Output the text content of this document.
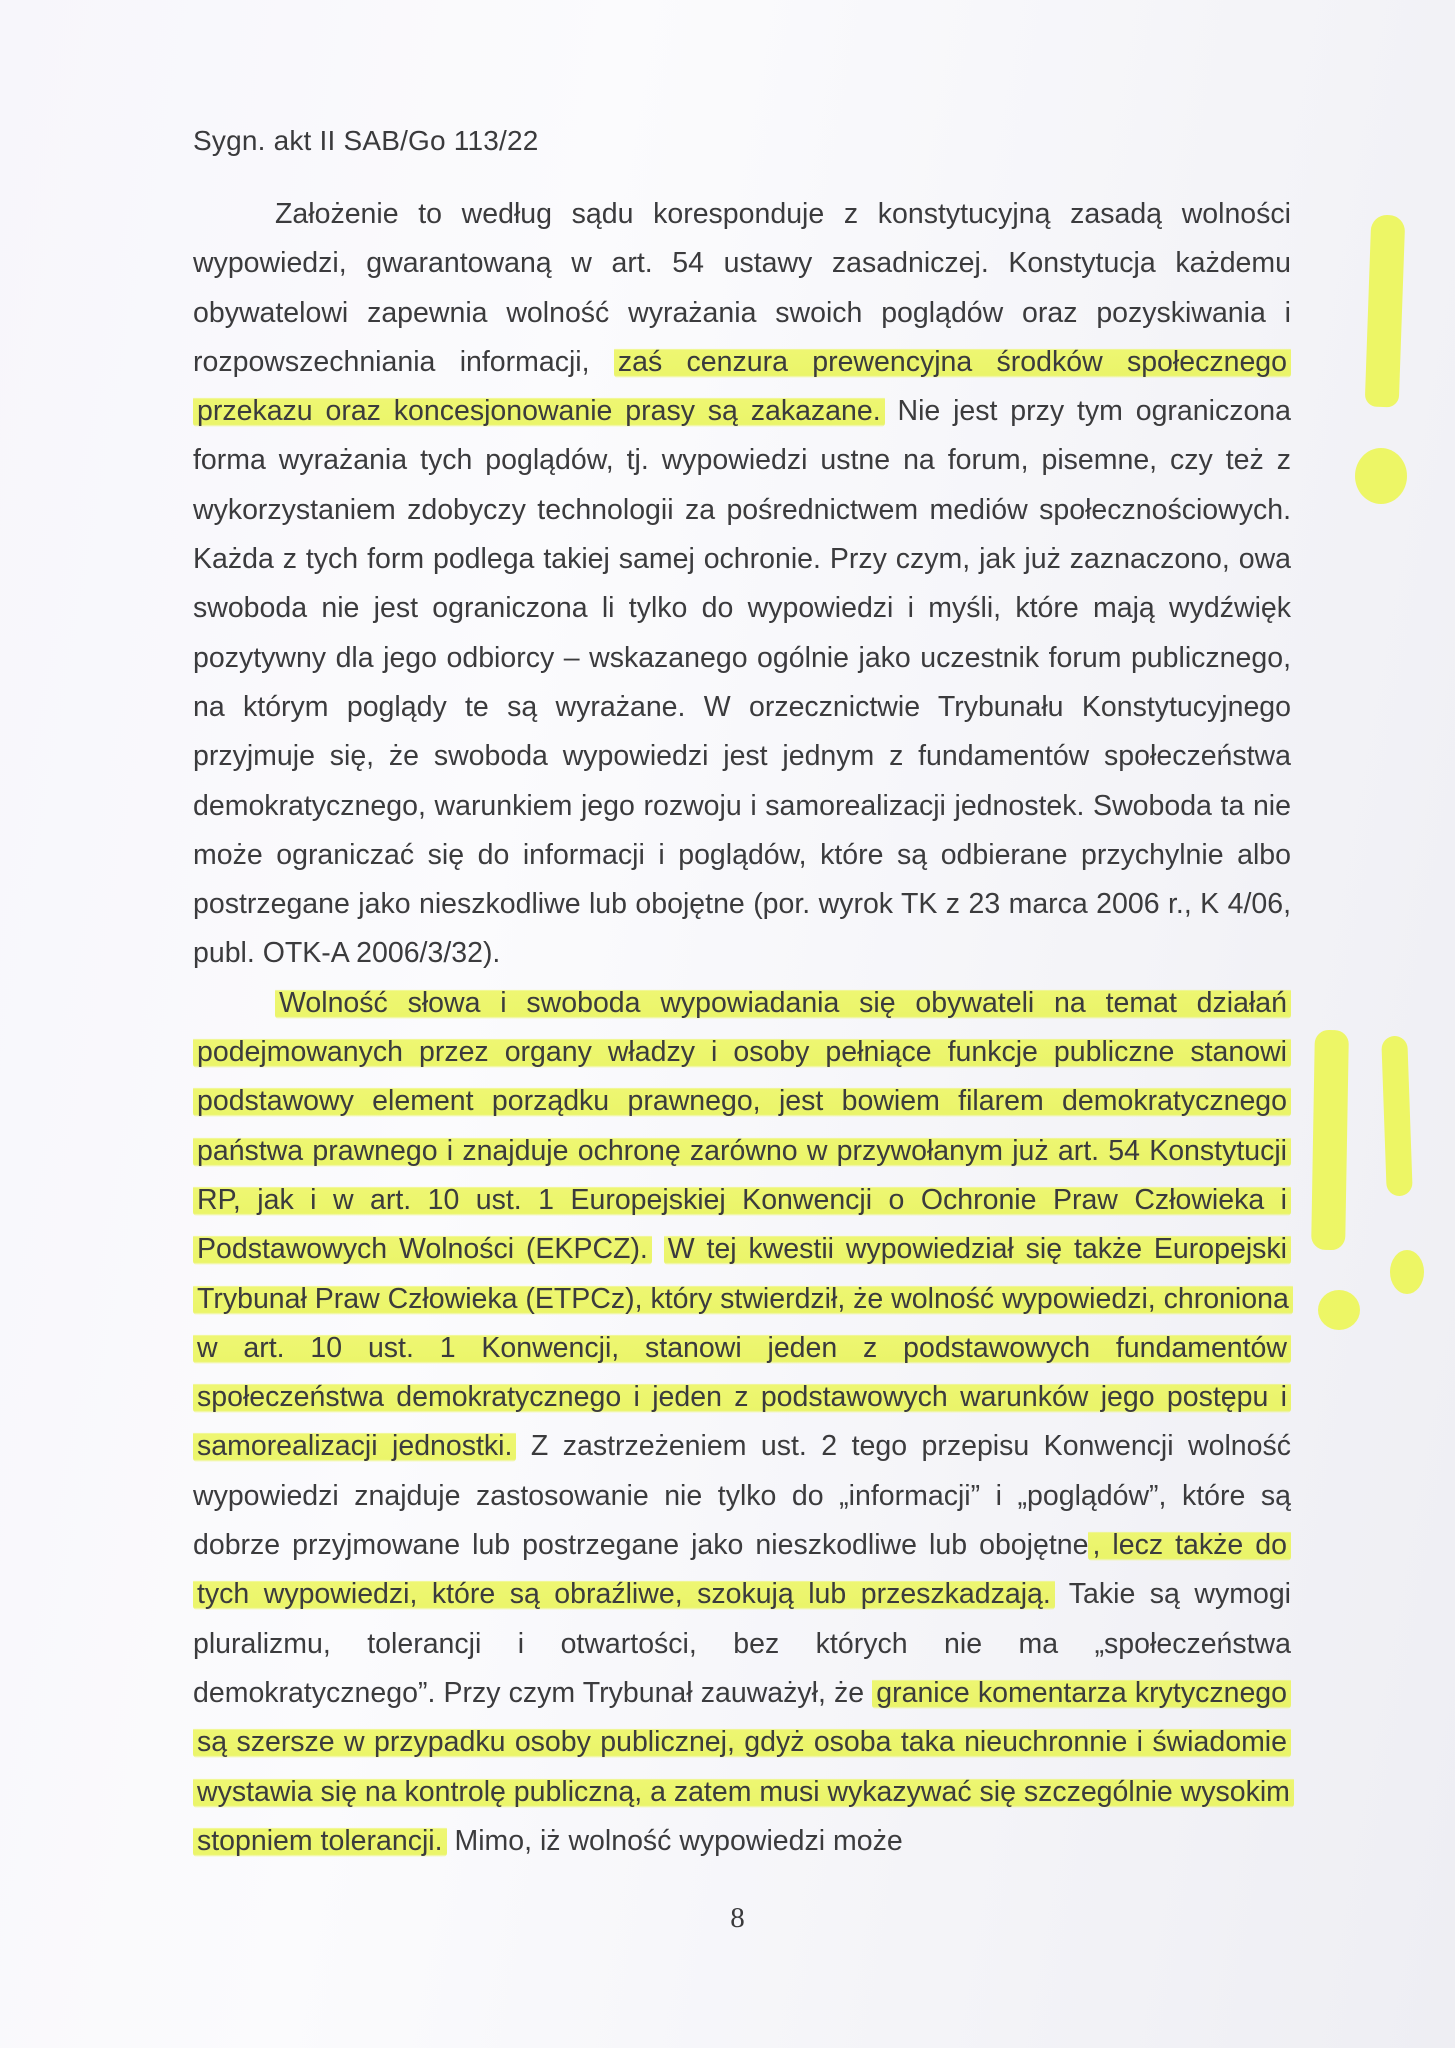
Sygn. akt II SAB/Go 113/22

Założenie to według sądu koresponduje z konstytucyjną zasadą wolności wypowiedzi, gwarantowaną w art. 54 ustawy zasadniczej. Konstytucja każdemu obywatelowi zapewnia wolność wyrażania swoich poglądów oraz pozyskiwania i rozpowszechniania informacji, zaś cenzura prewencyjna środków społecznego przekazu oraz koncesjonowanie prasy są zakazane. Nie jest przy tym ograniczona forma wyrażania tych poglądów, tj. wypowiedzi ustne na forum, pisemne, czy też z wykorzystaniem zdobyczy technologii za pośrednictwem mediów społecznościowych. Każda z tych form podlega takiej samej ochronie. Przy czym, jak już zaznaczono, owa swoboda nie jest ograniczona li tylko do wypowiedzi i myśli, które mają wydźwięk pozytywny dla jego odbiorcy – wskazanego ogólnie jako uczestnik forum publicznego, na którym poglądy te są wyrażane. W orzecznictwie Trybunału Konstytucyjnego przyjmuje się, że swoboda wypowiedzi jest jednym z fundamentów społeczeństwa demokratycznego, warunkiem jego rozwoju i samorealizacji jednostek. Swoboda ta nie może ograniczać się do informacji i poglądów, które są odbierane przychylnie albo postrzegane jako nieszkodliwe lub obojętne (por. wyrok TK z 23 marca 2006 r., K 4/06, publ. OTK-A 2006/3/32).

Wolność słowa i swoboda wypowiadania się obywateli na temat działań podejmowanych przez organy władzy i osoby pełniące funkcje publiczne stanowi podstawowy element porządku prawnego, jest bowiem filarem demokratycznego państwa prawnego i znajduje ochronę zarówno w przywołanym już art. 54 Konstytucji RP, jak i w art. 10 ust. 1 Europejskiej Konwencji o Ochronie Praw Człowieka i Podstawowych Wolności (EKPCZ). W tej kwestii wypowiedział się także Europejski Trybunał Praw Człowieka (ETPCz), który stwierdził, że wolność wypowiedzi, chroniona w art. 10 ust. 1 Konwencji, stanowi jeden z podstawowych fundamentów społeczeństwa demokratycznego i jeden z podstawowych warunków jego postępu i samorealizacji jednostki. Z zastrzeżeniem ust. 2 tego przepisu Konwencji wolność wypowiedzi znajduje zastosowanie nie tylko do „informacji” i „poglądów”, które są dobrze przyjmowane lub postrzegane jako nieszkodliwe lub obojętne , lecz także do tych wypowiedzi, które są obraźliwe, szokują lub przeszkadzają. Takie są wymogi pluralizmu, tolerancji i otwartości, bez których nie ma „społeczeństwa demokratycznego”. Przy czym Trybunał zauważył, że granice komentarza krytycznego są szersze w przypadku osoby publicznej, gdyż osoba taka nieuchronnie i świadomie wystawia się na kontrolę publiczną, a zatem musi wykazywać się szczególnie wysokim stopniem tolerancji. Mimo, iż wolność wypowiedzi może

8
